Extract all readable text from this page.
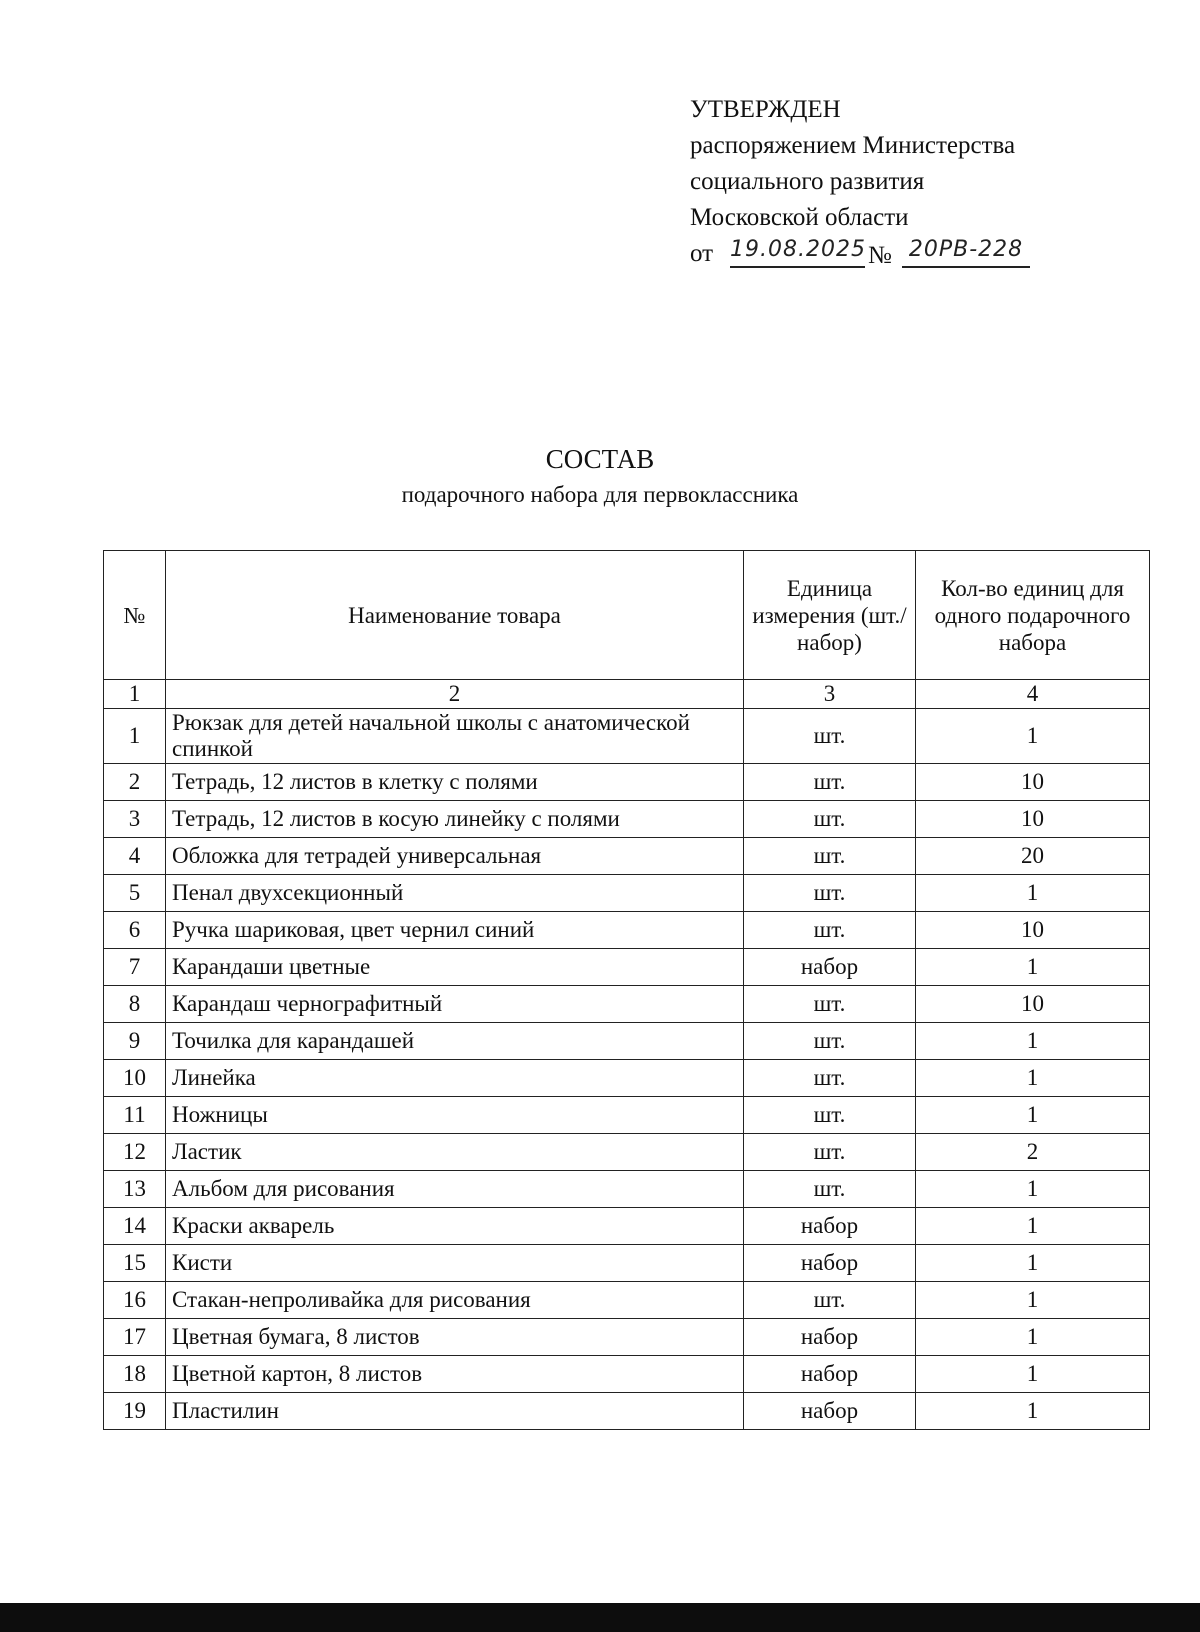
УТВЕРЖДЕН
распоряжением Министерства
социального развития
Московской области
от 19.08.2025 № 20РВ-228
СОСТАВ
подарочного набора для первоклассника
№	Наименование товара	Единица измерения (шт./набор)	Кол-во единиц для одного подарочного набора
1	2	3	4
1	Рюкзак для детей начальной школы с анатомической спинкой	шт.	1
2	Тетрадь, 12 листов в клетку с полями	шт.	10
3	Тетрадь, 12 листов в косую линейку с полями	шт.	10
4	Обложка для тетрадей универсальная	шт.	20
5	Пенал двухсекционный	шт.	1
6	Ручка шариковая, цвет чернил синий	шт.	10
7	Карандаши цветные	набор	1
8	Карандаш чернографитный	шт.	10
9	Точилка для карандашей	шт.	1
10	Линейка	шт.	1
11	Ножницы	шт.	1
12	Ластик	шт.	2
13	Альбом для рисования	шт.	1
14	Краски акварель	набор	1
15	Кисти	набор	1
16	Стакан-непроливайка для рисования	шт.	1
17	Цветная бумага, 8 листов	набор	1
18	Цветной картон, 8 листов	набор	1
19	Пластилин	набор	1
